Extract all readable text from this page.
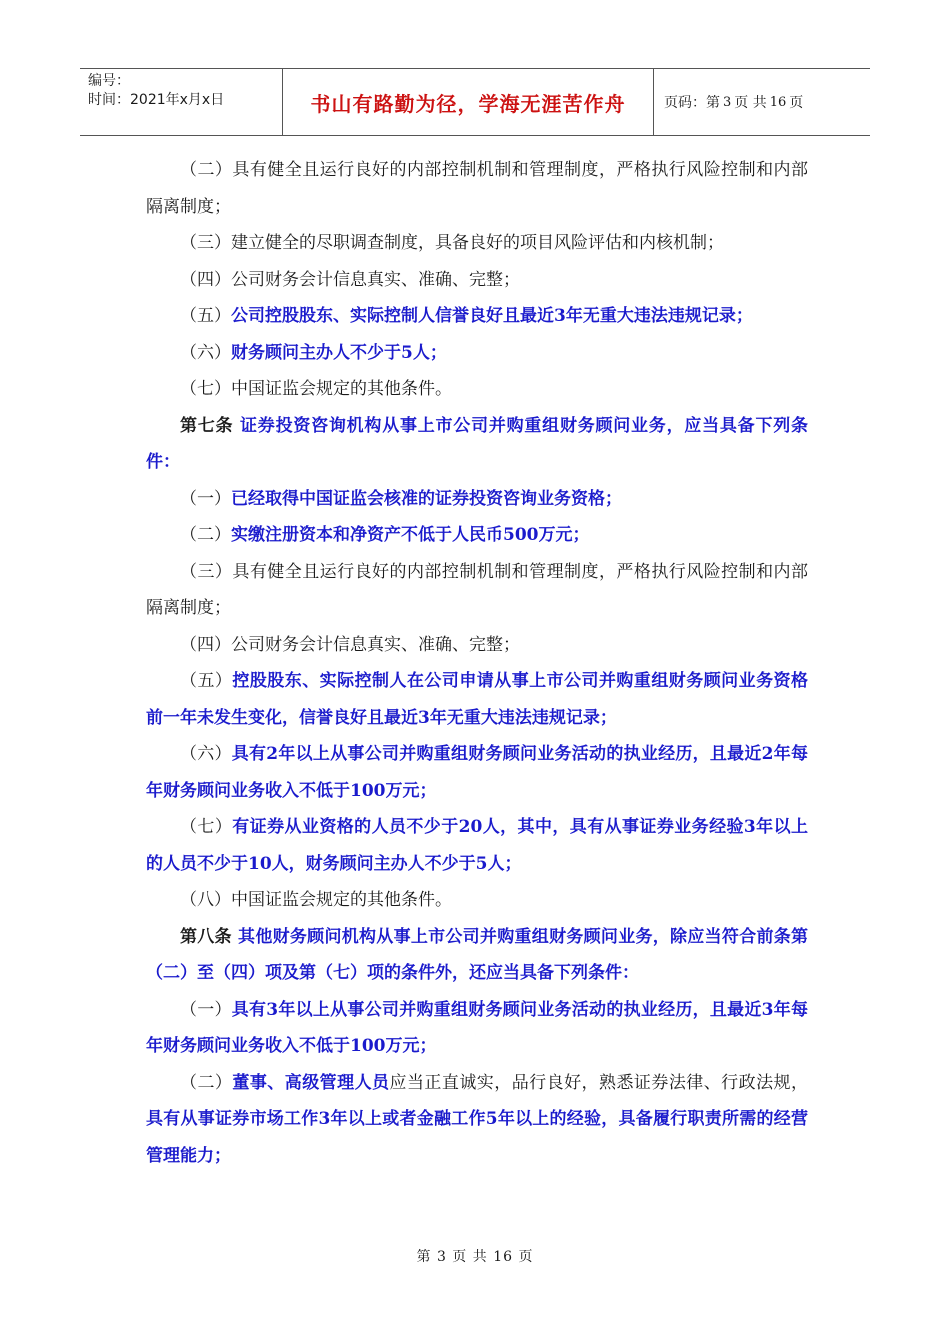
编号：
时间：2021年x月x日	书山有路勤为径，学海无涯苦作舟	页码：第 3 页 共 16 页

（二）具有健全且运行良好的内部控制机制和管理制度，严格执行风险控制和内部隔离制度；

（三）建立健全的尽职调查制度，具备良好的项目风险评估和内核机制；

（四）公司财务会计信息真实、准确、完整；

（五）公司控股股东、实际控制人信誉良好且最近3年无重大违法违规记录；

（六）财务顾问主办人不少于5人；

（七）中国证监会规定的其他条件。

第七条 证券投资咨询机构从事上市公司并购重组财务顾问业务，应当具备下列条件：

（一）已经取得中国证监会核准的证券投资咨询业务资格；

（二）实缴注册资本和净资产不低于人民币500万元；

（三）具有健全且运行良好的内部控制机制和管理制度，严格执行风险控制和内部隔离制度；

（四）公司财务会计信息真实、准确、完整；

（五）控股股东、实际控制人在公司申请从事上市公司并购重组财务顾问业务资格前一年未发生变化，信誉良好且最近3年无重大违法违规记录；

（六）具有2年以上从事公司并购重组财务顾问业务活动的执业经历，且最近2年每年财务顾问业务收入不低于100万元；

（七）有证券从业资格的人员不少于20人，其中，具有从事证券业务经验3年以上的人员不少于10人，财务顾问主办人不少于5人；

（八）中国证监会规定的其他条件。

第八条 其他财务顾问机构从事上市公司并购重组财务顾问业务，除应当符合前条第（二）至（四）项及第（七）项的条件外，还应当具备下列条件：

（一）具有3年以上从事公司并购重组财务顾问业务活动的执业经历，且最近3年每年财务顾问业务收入不低于100万元；

（二）董事、高级管理人员应当正直诚实，品行良好，熟悉证券法律、行政法规，具有从事证券市场工作3年以上或者金融工作5年以上的经验，具备履行职责所需的经营管理能力；

第 3 页 共 16 页
